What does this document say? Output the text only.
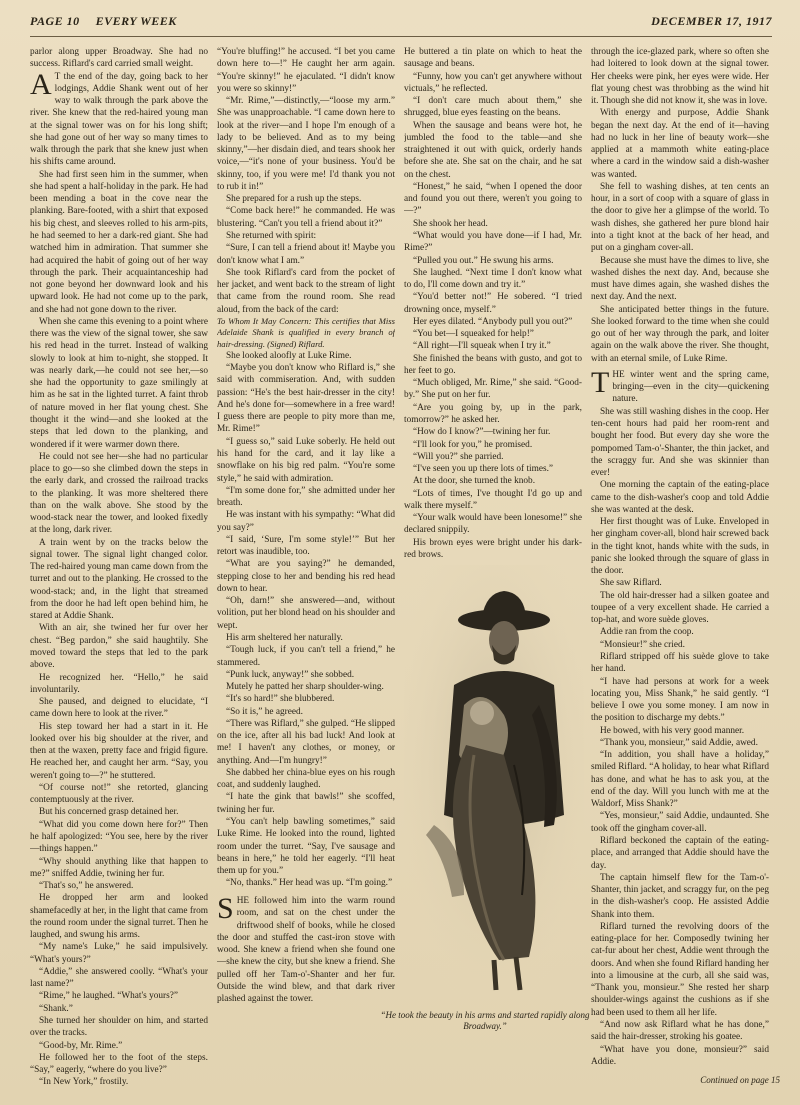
PAGE 10 EVERY WEEK	DECEMBER 17, 1917

parlor along upper Broadway. She had no success. Riflard's card carried small weight.

A T the end of the day, going back to her lodgings, Addie Shank went out of her way to walk through the park above the river. She knew that the red-haired young man at the signal tower was on for his long shift; she had gone out of her way so many times to walk through the park that she knew just when his shifts came around.

She had first seen him in the summer, when she had spent a half-holiday in the park. He had been mending a boat in the cove near the planking. Bare-footed, with a shirt that exposed his big chest, and sleeves rolled to his arm-pits, he had seemed to her a dark-red giant. She had watched him in admiration. That summer she had acquired the habit of going out of her way through the park. Their acquaintanceship had not gone beyond her downward look and his upward look. He had not come up to the park, and she had not gone down to the river.

When she came this evening to a point where there was the view of the signal tower, she saw his red head in the turret. Instead of walking slowly to look at him to-night, she stopped. It was nearly dark,—he could not see her,—so she had the opportunity to gaze smilingly at him as he sat in the lighted turret. A faint throb of nature moved in her flat young chest. She thought it the wind—and she looked at the steps that led down to the planking, and wondered if it were warmer down there.

He could not see her—she had no particular place to go—so she climbed down the steps in the early dark, and crossed the railroad tracks to the planking. It was more sheltered there than on the walk above. She stood by the wood-stack near the tower, and looked fixedly at the long, dark river.

A train went by on the tracks below the signal tower. The signal light changed color. The red-haired young man came down from the turret and out to the planking. He crossed to the wood-stack; and, in the light that streamed from the door he had left open behind him, he stared at Addie Shank.

With an air, she twined her fur over her chest. “Beg pardon,” she said haughtily. She moved toward the steps that led to the park above.

He recognized her. “Hello,” he said involuntarily.

She paused, and deigned to elucidate, “I came down here to look at the river.”

His step toward her had a start in it. He looked over his big shoulder at the river, and then at the waxen, pretty face and frigid figure. He reached her, and caught her arm. “Say, you weren't going to—?” he stuttered.

“Of course not!” she retorted, glancing contemptuously at the river.

But his concerned grasp detained her.

“What did you come down here for?” Then he half apologized: “You see, here by the river—things happen.”

“Why should anything like that happen to me?” sniffed Addie, twining her fur.

“That's so,” he answered.

He dropped her arm and looked shamefacedly at her, in the light that came from the round room under the signal turret. Then he laughed, and swung his arms.

“My name's Luke,” he said impulsively. “What's yours?”

“Addie,” she answered coolly. “What's your last name?”

“Rime,” he laughed. “What's yours?”

“Shank.”

She turned her shoulder on him, and started over the tracks.

“Good-by, Mr. Rime.”

He followed her to the foot of the steps. “Say,” eagerly, “where do you live?”

“In New York,” frostily.

“You're bluffing!” he accused. “I bet you came down here to—!” He caught her arm again. “You're skinny!” he ejaculated. “I didn't know you were so skinny!”

“Mr. Rime,”—distinctly,—“loose my arm.” She was unapproachable. “I came down here to look at the river—and I hope I'm enough of a lady to be believed. And as to my being skinny,”—her disdain died, and tears shook her voice,—“it's none of your business. You'd be skinny, too, if you were me! I'd thank you not to rub it in!”

She prepared for a rush up the steps.

“Come back here!” he commanded. He was blustering. “Can't you tell a friend about it?”

She returned with spirit:

“Sure, I can tell a friend about it! Maybe you don't know what I am.”

She took Riflard's card from the pocket of her jacket, and went back to the stream of light that came from the round room. She read aloud, from the back of the card:

To Whom It May Concern: This certifies that Miss Adelaide Shank is qualified in every branch of hair-dressing. (Signed) Riflard.

She looked aloofly at Luke Rime.

“Maybe you don't know who Riflard is,” she said with commiseration. And, with sudden passion: “He's the best hair-dresser in the city! And he's done for—somewhere in a free ward! I guess there are people to pity more than me, Mr. Rime!”

“I guess so,” said Luke soberly. He held out his hand for the card, and it lay like a snowflake on his big red palm. “You're some style,” he said with admiration.

“I'm some done for,” she admitted under her breath.

He was instant with his sympathy: “What did you say?”

“I said, ‘Sure, I'm some style!’” But her retort was inaudible, too.

“What are you saying?” he demanded, stepping close to her and bending his red head down to hear.

“Oh, darn!” she answered—and, without volition, put her blond head on his shoulder and wept.

His arm sheltered her naturally.

“Tough luck, if you can't tell a friend,” he stammered.

“Punk luck, anyway!” she sobbed.

Mutely he patted her sharp shoulder-wing.

“It's so hard!” she blubbered.

“So it is,” he agreed.

“There was Riflard,” she gulped. “He slipped on the ice, after all his bad luck! And look at me! I haven't any clothes, or money, or anything. And—I'm hungry!”

She dabbed her china-blue eyes on his rough coat, and suddenly laughed.

“I hate the gink that bawls!” she scoffed, twining her fur.

“You can't help bawling sometimes,” said Luke Rime. He looked into the round, lighted room under the turret. “Say, I've sausage and beans in here,” he told her eagerly. “I'll heat them up for you.”

“No, thanks.” Her head was up. “I'm going.”

SHE followed him into the warm round room, and sat on the chest under the driftwood shelf of books, while he closed the door and stuffed the cast-iron stove with wood. She knew a friend when she found one—she knew the city, but she knew a friend. She pulled off her Tam-o'-Shanter and her fur. Outside the wind blew, and that dark river plashed against the tower.

He buttered a tin plate on which to heat the sausage and beans.

“Funny, how you can't get anywhere without victuals,” he reflected.

“I don't care much about them,” she shrugged, blue eyes feasting on the beans.

When the sausage and beans were hot, he jumbled the food to the table—and she straightened it out with quick, orderly hands before she ate. She sat on the chair, and he sat on the chest.

“Honest,” he said, “when I opened the door and found you out there, weren't you going to—?”

She shook her head.

“What would you have done—if I had, Mr. Rime?”

“Pulled you out.” He swung his arms.

She laughed. “Next time I don't know what to do, I'll come down and try it.”

“You'd better not!” He sobered. “I tried drowning once, myself.”

Her eyes dilated. “Anybody pull you out?”

“You bet—I squeaked for help!”

“All right—I'll squeak when I try it.”

She finished the beans with gusto, and got to her feet to go.

“Much obliged, Mr. Rime,” she said. “Good-by.” She put on her fur.

“Are you going by, up in the park, tomorrow?” he asked her.

“How do I know?”—twining her fur.

“I'll look for you,” he promised.

“Will you?” she parried.

“I've seen you up there lots of times.”

At the door, she turned the knob.

“Lots of times, I've thought I'd go up and walk there myself.”

“Your walk would have been lonesome!” she declared snippily.

His brown eyes were bright under his dark-red brows.

“He took the beauty in his arms and started rapidly along Broadway.”

through the ice-glazed park, where so often she had loitered to look down at the signal tower. Her cheeks were pink, her eyes were wide. Her flat young chest was throbbing as the wind hit it. Though she did not know it, she was in love.

With energy and purpose, Addie Shank began the next day. At the end of it—having had no luck in her line of beauty work—she applied at a mammoth white eating-place where a card in the window said a dish-washer was wanted.

She fell to washing dishes, at ten cents an hour, in a sort of coop with a square of glass in the door to give her a glimpse of the world. To wash dishes, she gathered her pure blond hair into a tight knot at the back of her head, and put on a gingham cover-all.

Because she must have the dimes to live, she washed dishes the next day. And, because she must have dimes again, she washed dishes the next day. And the next.

She anticipated better things in the future. She looked forward to the time when she could go out of her way through the park, and loiter again on the walk above the river. She thought, with an eternal smile, of Luke Rime.

THE winter went and the spring came, bringing—even in the city—quickening nature.

She was still washing dishes in the coop. Her ten-cent hours had paid her room-rent and bought her food. But every day she wore the pompomed Tam-o'-Shanter, the thin jacket, and the scraggy fur. And she was skinnier than ever!

One morning the captain of the eating-place came to the dish-washer's coop and told Addie she was wanted at the desk.

Her first thought was of Luke. Enveloped in her gingham cover-all, blond hair screwed back in the tight knot, hands white with the suds, in panic she looked through the square of glass in the door.

She saw Riflard.

The old hair-dresser had a silken goatee and toupee of a very excellent shade. He carried a top-hat, and wore suède gloves.

Addie ran from the coop.

“Monsieur!” she cried.

Riflard stripped off his suède glove to take her hand.

“I have had persons at work for a week locating you, Miss Shank,” he said gently. “I believe I owe you some money. I am now in the position to discharge my debts.”

He bowed, with his very good manner.

“Thank you, monsieur,” said Addie, awed.

“In addition, you shall have a holiday,” smiled Riflard. “A holiday, to hear what Riflard has done, and what he has to ask you, at the end of the day. Will you lunch with me at the Waldorf, Miss Shank?”

“Yes, monsieur,” said Addie, undaunted. She took off the gingham cover-all.

Riflard beckoned the captain of the eating-place, and arranged that Addie should have the day.

The captain himself flew for the Tam-o'-Shanter, thin jacket, and scraggy fur, on the peg in the dish-washer's coop. He assisted Addie Shank into them.

Riflard turned the revolving doors of the eating-place for her. Composedly twining her cat-fur about her chest, Addie went through the doors. And when she found Riflard handing her into a limousine at the curb, all she said was, “Thank you, monsieur.” She rested her sharp shoulder-wings against the cushions as if she had been used to them all her life.

“And now ask Riflard what he has done,” said the hair-dresser, stroking his goatee.

“What have you done, monsieur?” said Addie.

Continued on page 15
